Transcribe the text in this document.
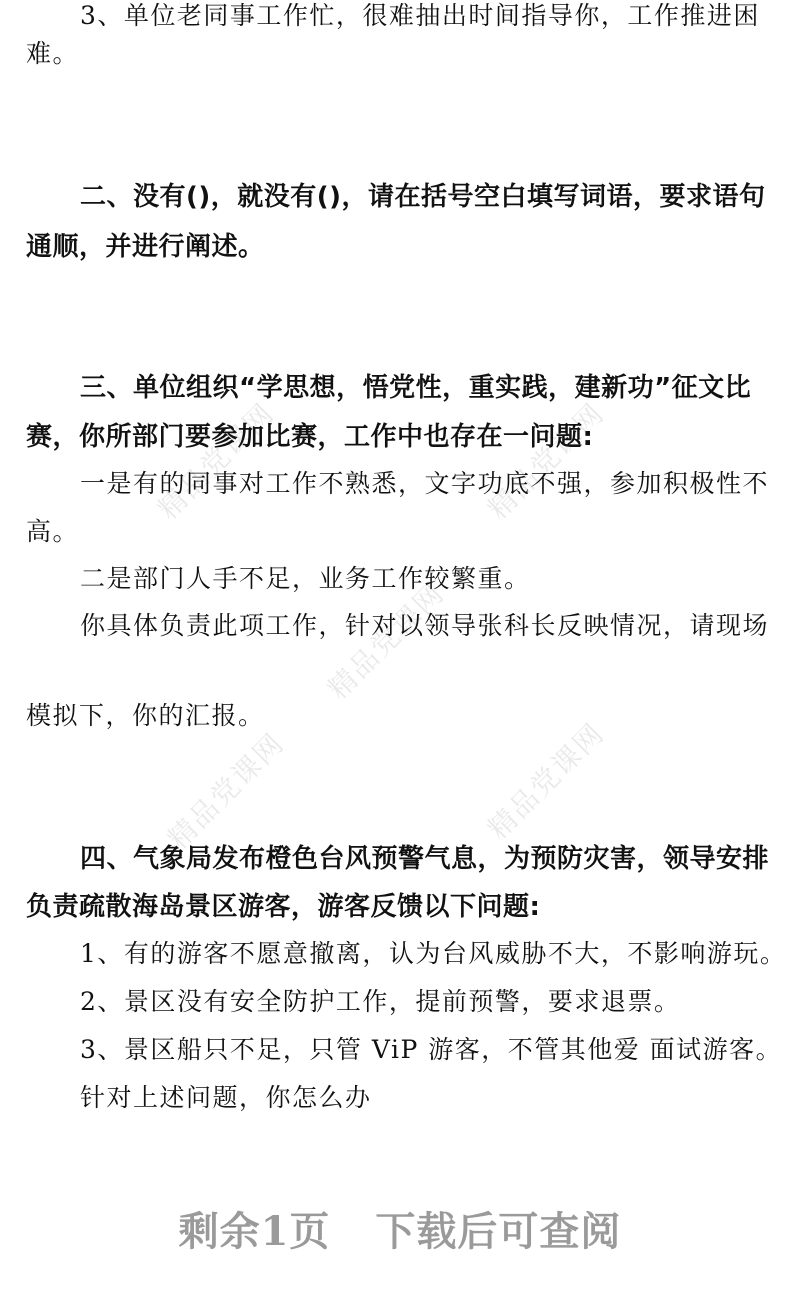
精品党课网	精品党课网
精品党课网
精品党课网	精品党课网
3、单位老同事工作忙，很难抽出时间指导你，工作推进困
难。
二、没有()，就没有()，请在括号空白填写词语，要求语句
通顺，并进行阐述。
三、单位组织“学思想，悟党性，重实践，建新功”征文比
赛，你所部门要参加比赛，工作中也存在一问题:
一是有的同事对工作不熟悉，文字功底不强，参加积极性不
高。
二是部门人手不足，业务工作较繁重。
你具体负责此项工作，针对以领导张科长反映情况，请现场
模拟下，你的汇报。
四、气象局发布橙色台风预警气息，为预防灾害，领导安排
负责疏散海岛景区游客，游客反馈以下问题:
1、有的游客不愿意撤离，认为台风威胁不大，不影响游玩。
2、景区没有安全防护工作，提前预警，要求退票。
3、景区船只不足，只管 ViP 游客，不管其他爱 面试游客。
针对上述问题，你怎么办
剩余1页 下载后可查阅
